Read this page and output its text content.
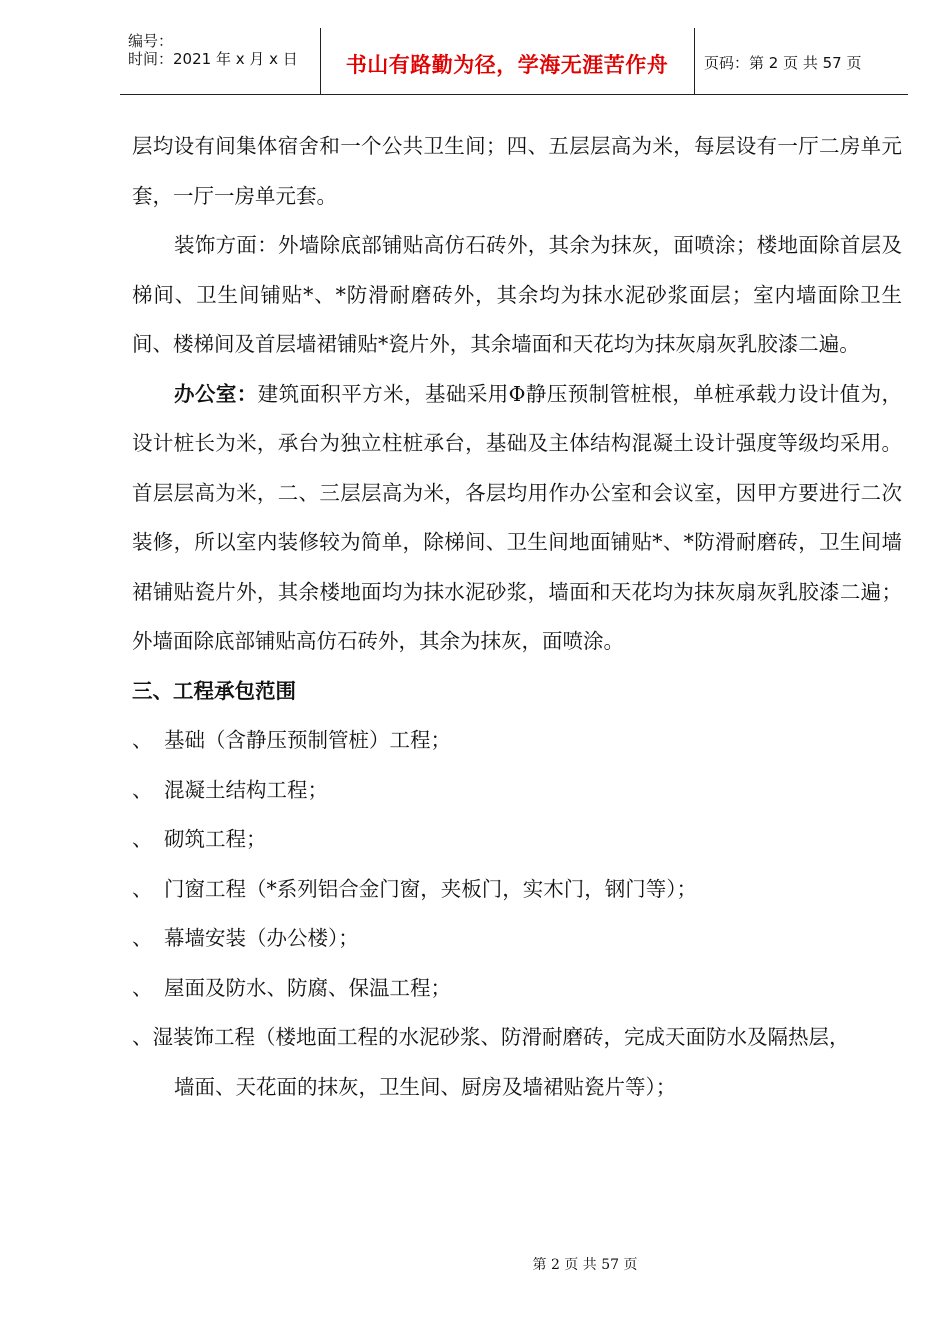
编号：
时间：2021 年 x 月 x 日	书山有路勤为径，学海无涯苦作舟	页码：第 2 页 共 57 页

层均设有间集体宿舍和一个公共卫生间；四、五层层高为米，每层设有一厅二房单元套，一厅一房单元套。

装饰方面：外墙除底部铺贴高仿石砖外，其余为抹灰，面喷涂；楼地面除首层及梯间、卫生间铺贴*、*防滑耐磨砖外，其余均为抹水泥砂浆面层；室内墙面除卫生间、楼梯间及首层墙裙铺贴*瓷片外，其余墙面和天花均为抹灰扇灰乳胶漆二遍。

办公室：建筑面积平方米，基础采用Φ静压预制管桩根，单桩承载力设计值为，设计桩长为米，承台为独立柱桩承台，基础及主体结构混凝土设计强度等级均采用。首层层高为米，二、三层层高为米，各层均用作办公室和会议室，因甲方要进行二次装修，所以室内装修较为简单，除梯间、卫生间地面铺贴*、*防滑耐磨砖，卫生间墙裙铺贴瓷片外，其余楼地面均为抹水泥砂浆，墙面和天花均为抹灰扇灰乳胶漆二遍；外墙面除底部铺贴高仿石砖外，其余为抹灰，面喷涂。

三、工程承包范围

、 基础（含静压预制管桩）工程；

、 混凝土结构工程；

、 砌筑工程；

、 门窗工程（*系列铝合金门窗，夹板门，实木门，钢门等）；

、 幕墙安装（办公楼）；

、 屋面及防水、防腐、保温工程；

、湿装饰工程（楼地面工程的水泥砂浆、防滑耐磨砖，完成天面防水及隔热层，

墙面、天花面的抹灰，卫生间、厨房及墙裙贴瓷片等）；

第 2 页 共 57 页
